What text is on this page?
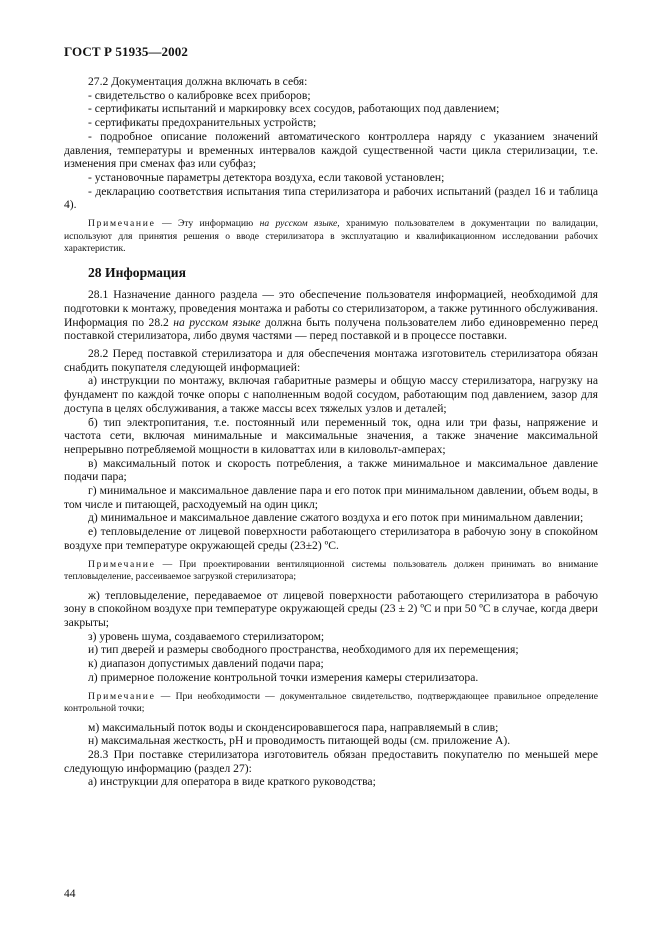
ГОСТ Р 51935—2002

27.2 Документация должна включать в себя:

- свидетельство о калибровке всех приборов;

- сертификаты испытаний и маркировку всех сосудов, работающих под давлением;

- сертификаты предохранительных устройств;

- подробное описание положений автоматического контроллера наряду с указанием значений давления, температуры и временных интервалов каждой существенной части цикла стерилизации, т.е. изменения при сменах фаз или субфаз;

- установочные параметры детектора воздуха, если таковой установлен;

- декларацию соответствия испытания типа стерилизатора и рабочих испытаний (раздел 16 и таблица 4).

Примечание — Эту информацию на русском языке, хранимую пользователем в документации по валидации, используют для принятия решения о вводе стерилизатора в эксплуатацию и квалификационном исследовании рабочих характеристик.

28 Информация

28.1 Назначение данного раздела — это обеспечение пользователя информацией, необходимой для подготовки к монтажу, проведения монтажа и работы со стерилизатором, а также рутинного обслуживания. Информация по 28.2 на русском языке должна быть получена пользователем либо единовременно перед поставкой стерилизатора, либо двумя частями — перед поставкой и в процессе поставки.

28.2 Перед поставкой стерилизатора и для обеспечения монтажа изготовитель стерилизатора обязан снабдить покупателя следующей информацией:

а) инструкции по монтажу, включая габаритные размеры и общую массу стерилизатора, нагрузку на фундамент по каждой точке опоры с наполненным водой сосудом, работающим под давлением, зазор для доступа в целях обслуживания, а также массы всех тяжелых узлов и деталей;

б) тип электропитания, т.е. постоянный или переменный ток, одна или три фазы, напряжение и частота сети, включая минимальные и максимальные значения, а также значение максимальной непрерывно потребляемой мощности в киловаттах или в киловольт-амперах;

в) максимальный поток и скорость потребления, а также минимальное и максимальное давление подачи пара;

г) минимальное и максимальное давление пара и его поток при минимальном давлении, объем воды, в том числе и питающей, расходуемый на один цикл;

д) минимальное и максимальное давление сжатого воздуха и его поток при минимальном давлении;

е) тепловыделение от лицевой поверхности работающего стерилизатора в рабочую зону в спокойном воздухе при температуре окружающей среды (23±2) ºС.

Примечание — При проектировании вентиляционной системы пользователь должен принимать во внимание тепловыделение, рассеиваемое загрузкой стерилизатора;

ж) тепловыделение, передаваемое от лицевой поверхности работающего стерилизатора в рабочую зону в спокойном воздухе при температуре окружающей среды (23 ± 2) ºС и при 50 ºС в случае, когда двери закрыты;

з) уровень шума, создаваемого стерилизатором;

и) тип дверей и размеры свободного пространства, необходимого для их перемещения;

к) диапазон допустимых давлений подачи пара;

л) примерное положение контрольной точки измерения камеры стерилизатора.

Примечание — При необходимости — документальное свидетельство, подтверждающее правильное определение контрольной точки;

м) максимальный поток воды и сконденсировавшегося пара, направляемый в слив;

н) максимальная жесткость, pH и проводимость питающей воды (см. приложение А).

28.3 При поставке стерилизатора изготовитель обязан предоставить покупателю по меньшей мере следующую информацию (раздел 27):

а) инструкции для оператора в виде краткого руководства;

44
